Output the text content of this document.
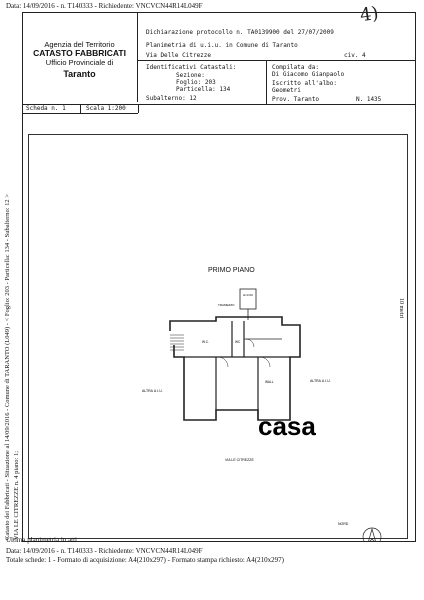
Data: 14/09/2016 - n. T140333 - Richiedente: VNCVCN44R14L049F	4)
Agenzia del Territorio
CATASTO FABBRICATI
Ufficio Provinciale di
Taranto
Dichiarazione protocollo n. TA0139900 del 27/07/2009
Planimetria di u.i.u. in Comune di Taranto
Via Delle Citrezze	civ. 4
Identificativi Catastali:
Sezione:
Foglio: 203
Particella: 134
Subalterno: 12
Compilata da:
Di Giacomo Gianpaolo
Iscritto all'albo:
Geometri
Prov. Taranto	N. 1435
Scheda n. 1	Scala 1:200
PRIMO PIANO
H=3.00
TRAMEZZO
W.C.	WC
WALL
ALTRA U.I.U.
ALTRA U.I.U.
VIA LE CITREZZE
NORD
casa
10 metri
Catasto dei Fabbricati - Situazione al 14/09/2016 - Comune di TARANTO (L049) - < Foglio: 203 - Particella: 134 - Subalterno: 12 > VIA LE CITREZZE n. 4 piano: 1;
Ultima planimetria in atti
Data: 14/09/2016 - n. T140333 - Richiedente: VNCVCN44R14L049F
Totale schede: 1 - Formato di acquisizione: A4(210x297) - Formato stampa richiesto: A4(210x297)
